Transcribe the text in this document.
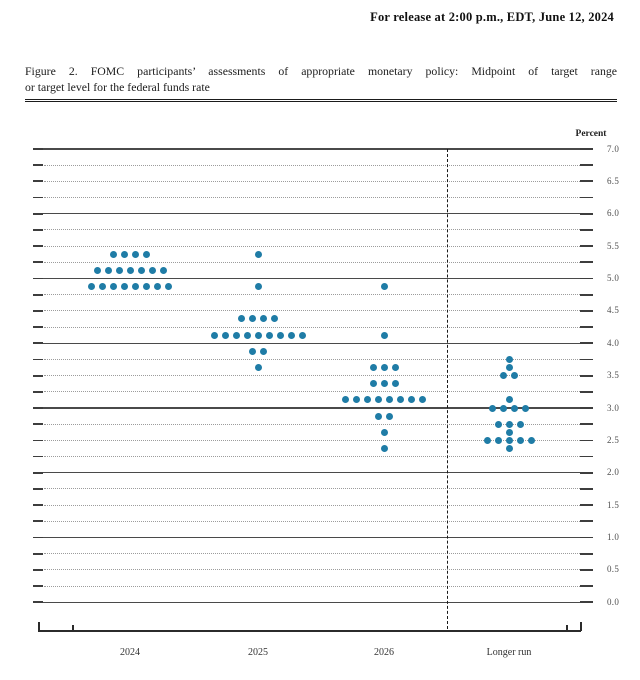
For release at 2:00 p.m., EDT, June 12, 2024
Figure 2. FOMC participants’ assessments of appropriate monetary policy: Midpoint of target range
or target level for the federal funds rate
Percent
7.0
6.5
6.0
5.5
5.0
4.5
4.0
3.5
3.0
2.5
2.0
1.5
1.0
0.5
0.0
2024	2025	2026	Longer run
